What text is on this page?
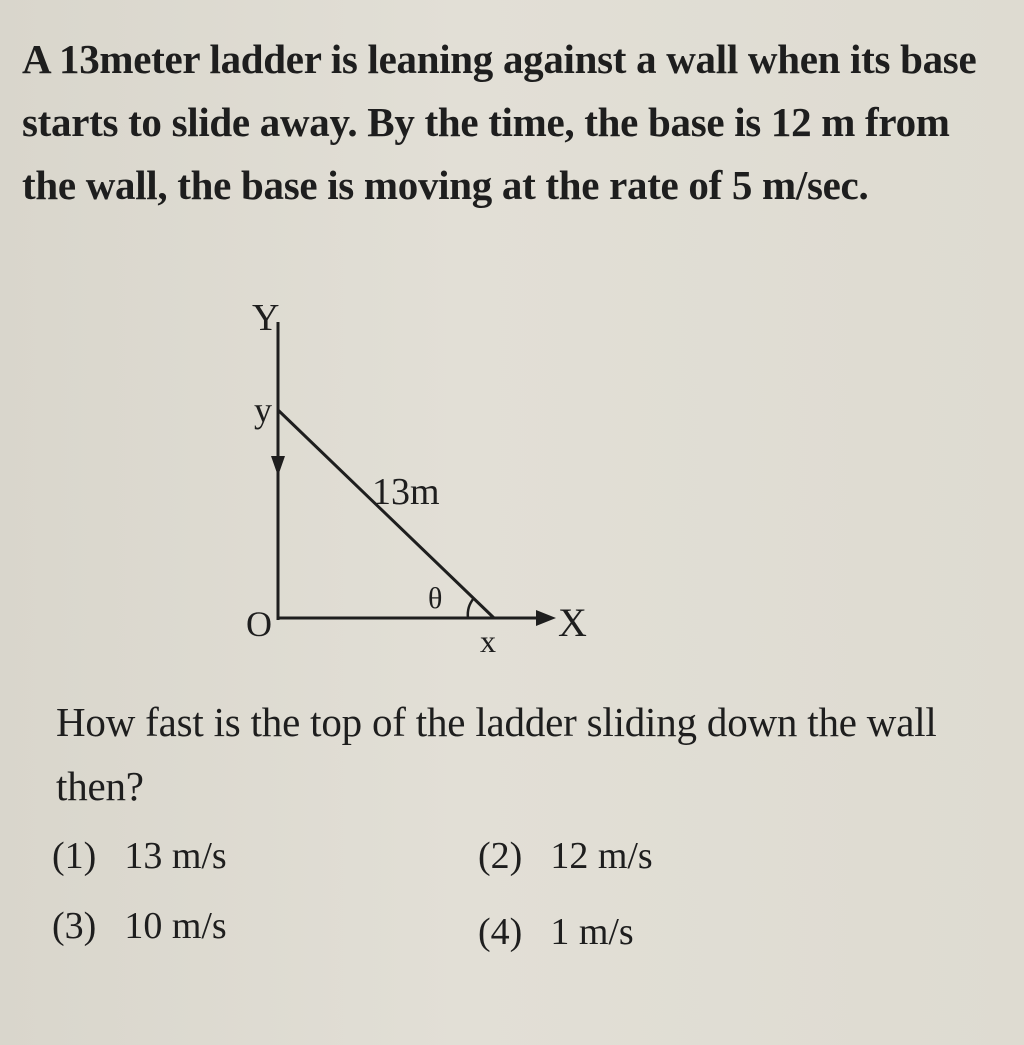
A 13meter ladder is leaning against a wall when its base starts to slide away. By the time, the base is 12 m from the wall, the base is moving at the rate of 5 m/sec.

Y
y
13m
θ
O	x X

How fast is the top of the ladder sliding down the wall then?

(1) 13 m/s	(2) 12 m/s
(3) 10 m/s	(4) 1 m/s
